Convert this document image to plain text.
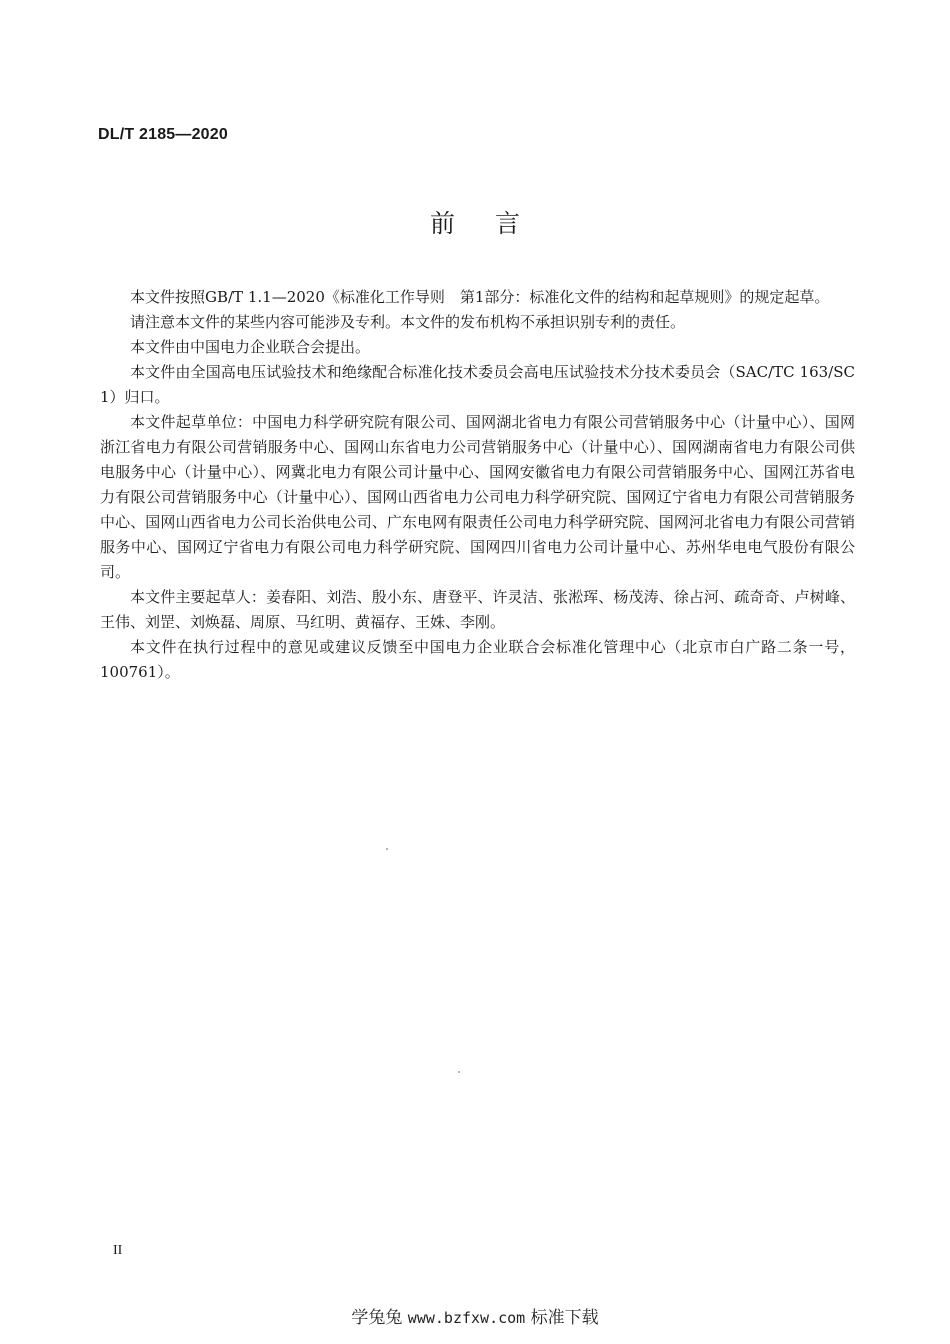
DL/T 2185—2020
前言

本文件按照GB/T 1.1—2020《标准化工作导则　第1部分：标准化文件的结构和起草规则》的规定起草。

请注意本文件的某些内容可能涉及专利。本文件的发布机构不承担识别专利的责任。

本文件由中国电力企业联合会提出。

本文件由全国高电压试验技术和绝缘配合标准化技术委员会高电压试验技术分技术委员会（SAC/TC 163/SC 1）归口。

本文件起草单位：中国电力科学研究院有限公司、国网湖北省电力有限公司营销服务中心（计量中心）、国网浙江省电力有限公司营销服务中心、国网山东省电力公司营销服务中心（计量中心）、国网湖南省电力有限公司供电服务中心（计量中心）、网冀北电力有限公司计量中心、国网安徽省电力有限公司营销服务中心、国网江苏省电力有限公司营销服务中心（计量中心）、国网山西省电力公司电力科学研究院、国网辽宁省电力有限公司营销服务中心、国网山西省电力公司长治供电公司、广东电网有限责任公司电力科学研究院、国网河北省电力有限公司营销服务中心、国网辽宁省电力有限公司电力科学研究院、国网四川省电力公司计量中心、苏州华电电气股份有限公司。

本文件主要起草人：姜春阳、刘浩、殷小东、唐登平、许灵洁、张淞珲、杨茂涛、徐占河、疏奇奇、卢树峰、王伟、刘罡、刘焕磊、周原、马红明、黄福存、王姝、李刚。

本文件在执行过程中的意见或建议反馈至中国电力企业联合会标准化管理中心（北京市白广路二条一号，100761）。

II
学兔兔 www.bzfxw.com 标准下载
